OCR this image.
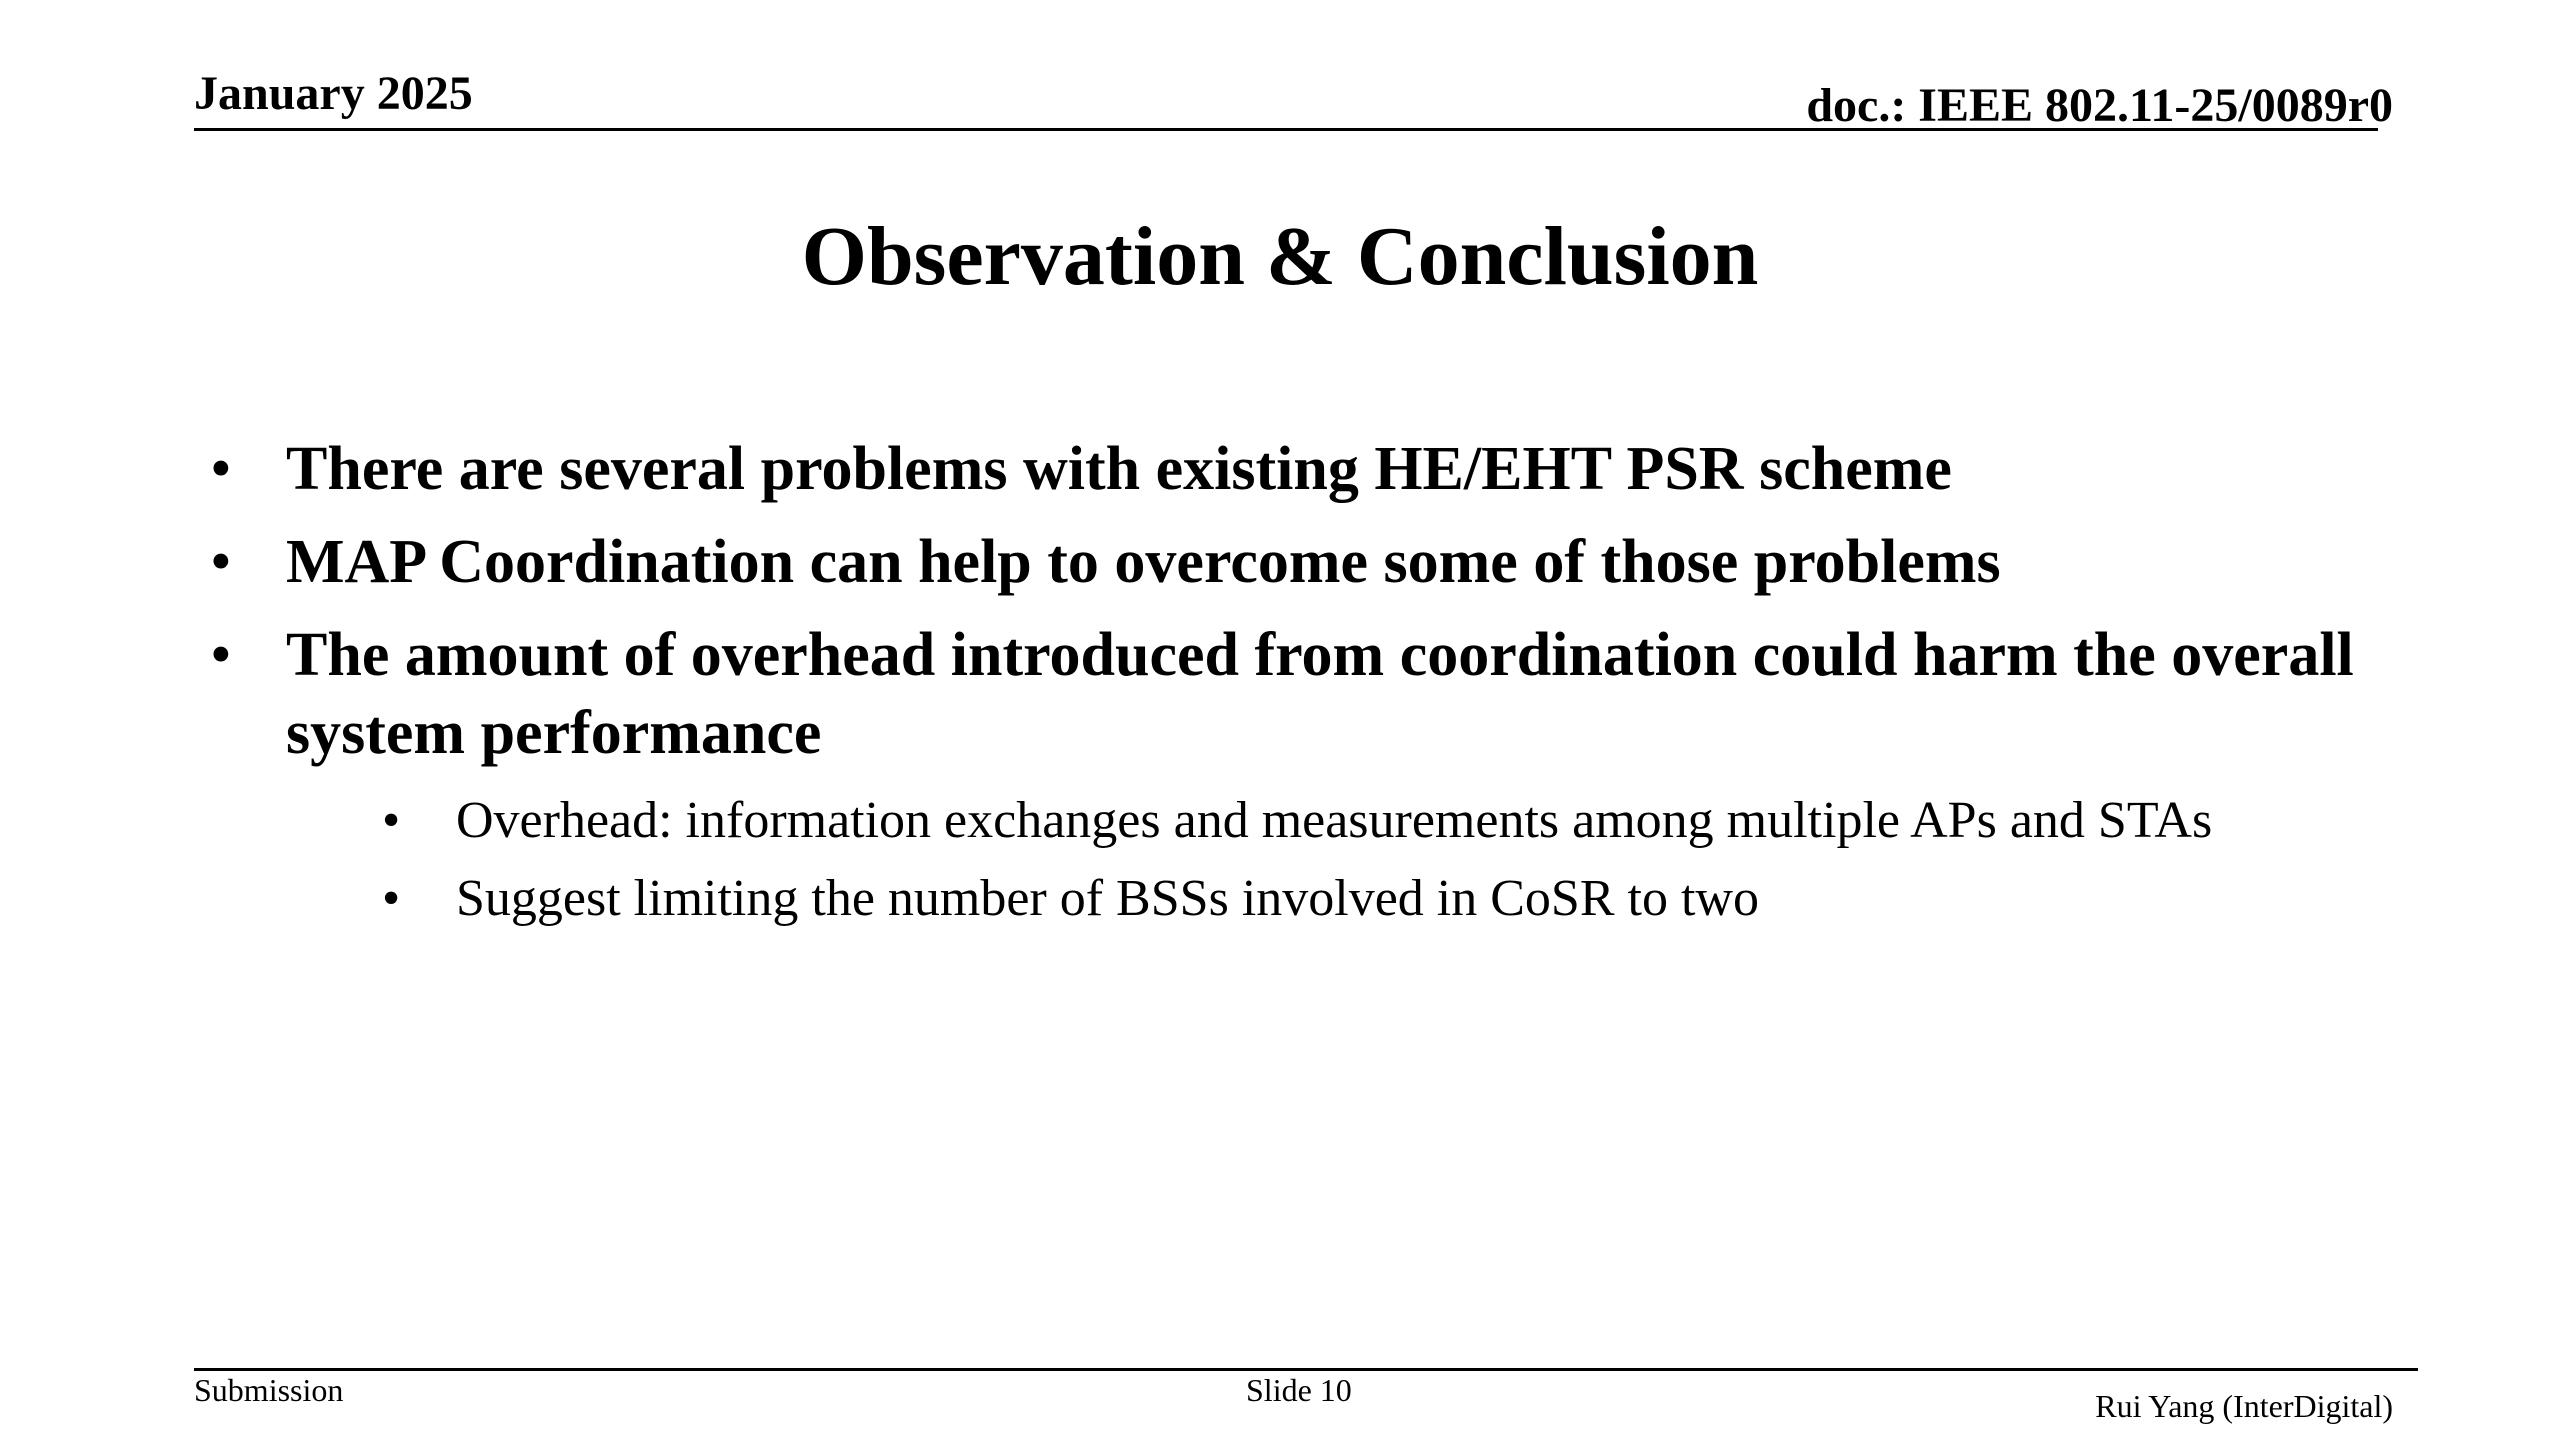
January 2025	doc.: IEEE 802.11-25/0089r0
Observation & Conclusion
• There are several problems with existing HE/EHT PSR scheme
• MAP Coordination can help to overcome some of those problems
• The amount of overhead introduced from coordination could harm the overall system performance
• Overhead: information exchanges and measurements among multiple APs and STAs
• Suggest limiting the number of BSSs involved in CoSR to two
Submission	Slide 10	Rui Yang (InterDigital)
